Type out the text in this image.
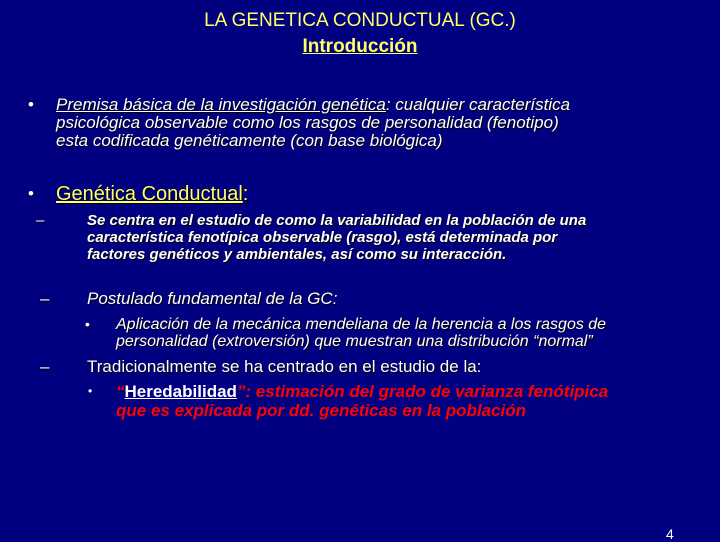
LA GENETICA CONDUCTUAL (GC.)
Introducción
• Premisa básica de la investigación genética: cualquier característica
psicológica observable como los rasgos de personalidad (fenotipo)
esta codificada genéticamente (con base biológica)
• Genética Conductual:
–	Se centra en el estudio de como la variabilidad en la población de una
característica fenotípica observable (rasgo), está determinada por
factores genéticos y ambientales, así como su interacción.
– Postulado fundamental de la GC:
• Aplicación de la mecánica mendeliana de la herencia a los rasgos de
personalidad (extroversión) que muestran una distribución “normal”
– Tradicionalmente se ha centrado en el estudio de la:
• “Heredabilidad”: estimación del grado de varianza fenótipica
que es explicada por dd. genéticas en la población
4
